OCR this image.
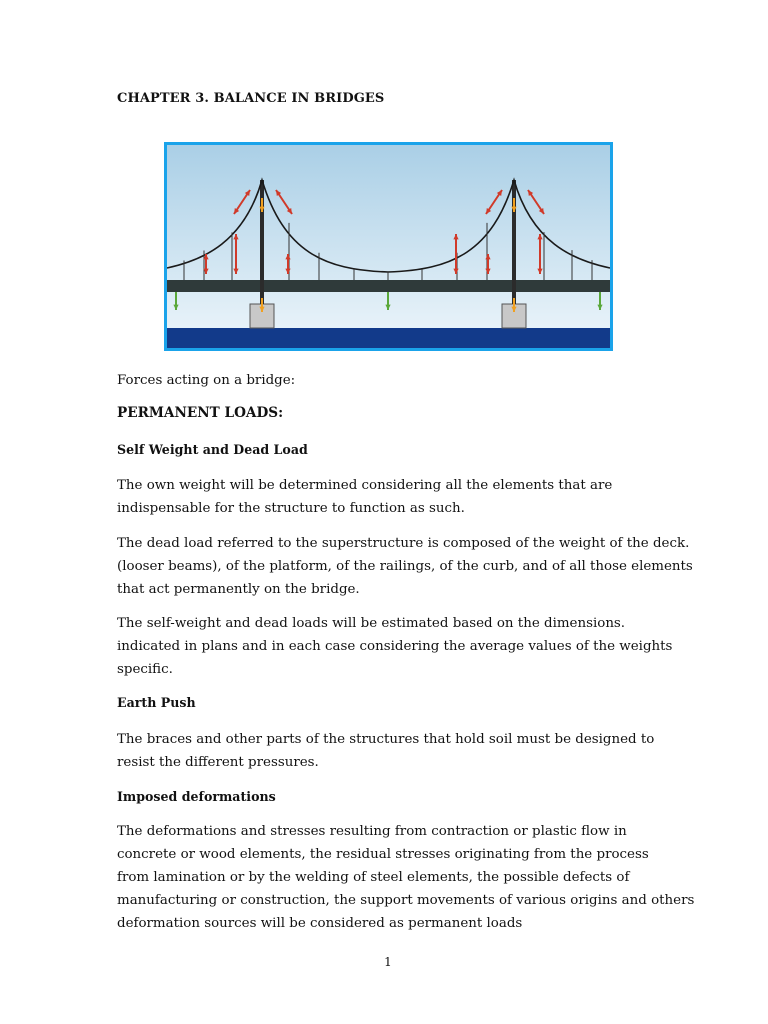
CHAPTER 3. BALANCE IN BRIDGES
Forces acting on a bridge:
PERMANENT LOADS:
Self Weight and Dead Load
The own weight will be determined considering all the elements that are
indispensable for the structure to function as such.
The dead load referred to the superstructure is composed of the weight of the deck.
(looser beams), of the platform, of the railings, of the curb, and of all those elements
that act permanently on the bridge.
The self-weight and dead loads will be estimated based on the dimensions.
indicated in plans and in each case considering the average values of the weights
specific.
Earth Push
The braces and other parts of the structures that hold soil must be designed to
resist the different pressures.
Imposed deformations
The deformations and stresses resulting from contraction or plastic flow in
concrete or wood elements, the residual stresses originating from the process
from lamination or by the welding of steel elements, the possible defects of
manufacturing or construction, the support movements of various origins and others
deformation sources will be considered as permanent loads
1
